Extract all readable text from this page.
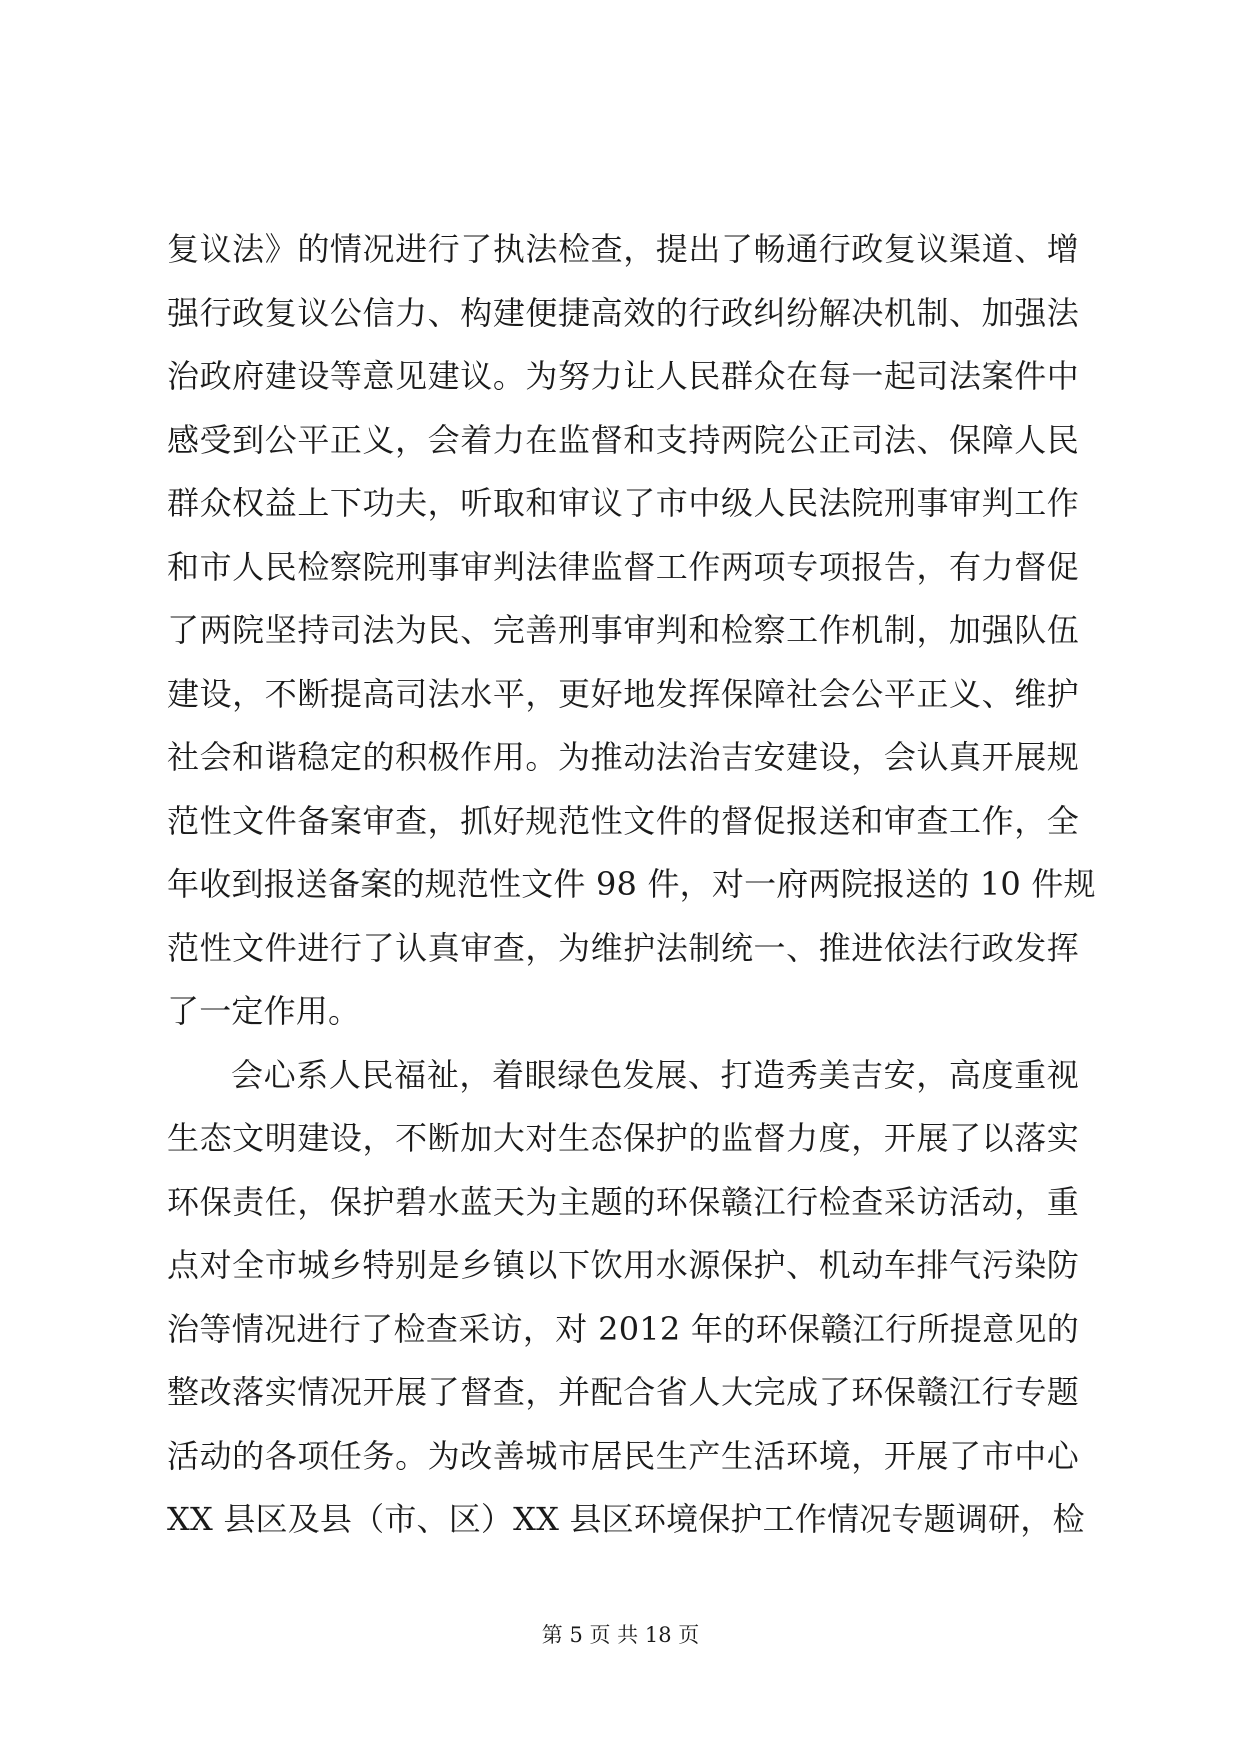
复议法》的情况进行了执法检查，提出了畅通行政复议渠道、增
强行政复议公信力、构建便捷高效的行政纠纷解决机制、加强法
治政府建设等意见建议。为努力让人民群众在每一起司法案件中
感受到公平正义，会着力在监督和支持两院公正司法、保障人民
群众权益上下功夫，听取和审议了市中级人民法院刑事审判工作
和市人民检察院刑事审判法律监督工作两项专项报告，有力督促
了两院坚持司法为民、完善刑事审判和检察工作机制，加强队伍
建设，不断提高司法水平，更好地发挥保障社会公平正义、维护
社会和谐稳定的积极作用。为推动法治吉安建设，会认真开展规
范性文件备案审查，抓好规范性文件的督促报送和审查工作，全
年收到报送备案的规范性文件 98 件，对一府两院报送的 10 件规
范性文件进行了认真审查，为维护法制统一、推进依法行政发挥
了一定作用。
会心系人民福祉，着眼绿色发展、打造秀美吉安，高度重视
生态文明建设，不断加大对生态保护的监督力度，开展了以落实
环保责任，保护碧水蓝天为主题的环保赣江行检查采访活动，重
点对全市城乡特别是乡镇以下饮用水源保护、机动车排气污染防
治等情况进行了检查采访，对 2012 年的环保赣江行所提意见的
整改落实情况开展了督查，并配合省人大完成了环保赣江行专题
活动的各项任务。为改善城市居民生产生活环境，开展了市中心
XX 县区及县（市、区）XX 县区环境保护工作情况专题调研，检
第 5 页 共 18 页
